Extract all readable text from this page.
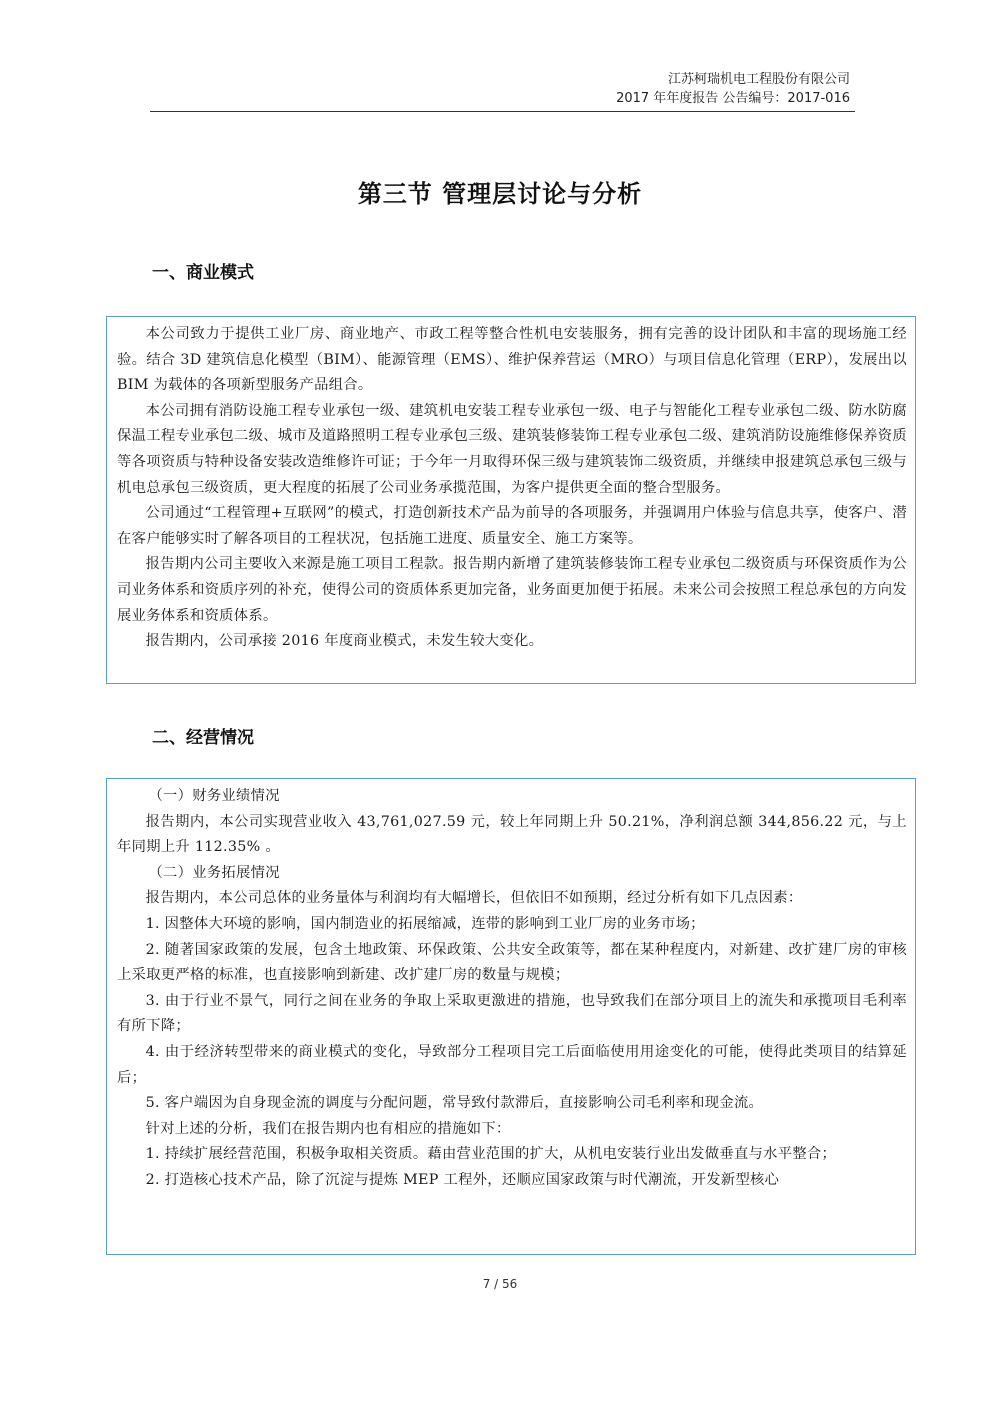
江苏柯瑞机电工程股份有限公司
2017 年年度报告 公告编号：2017-016
第三节 管理层讨论与分析
一、商业模式

本公司致力于提供工业厂房、商业地产、市政工程等整合性机电安装服务，拥有完善的设计团队和丰富的现场施工经验。结合 3D 建筑信息化模型（BIM）、能源管理（EMS）、维护保养营运（MRO）与项目信息化管理（ERP），发展出以 BIM 为载体的各项新型服务产品组合。

本公司拥有消防设施工程专业承包一级、建筑机电安装工程专业承包一级、电子与智能化工程专业承包二级、防水防腐保温工程专业承包二级、城市及道路照明工程专业承包三级、建筑装修装饰工程专业承包二级、建筑消防设施维修保养资质等各项资质与特种设备安装改造维修许可证；于今年一月取得环保三级与建筑装饰二级资质，并继续申报建筑总承包三级与机电总承包三级资质，更大程度的拓展了公司业务承揽范围，为客户提供更全面的整合型服务。

公司通过“工程管理+互联网”的模式，打造创新技术产品为前导的各项服务，并强调用户体验与信息共享，使客户、潜在客户能够实时了解各项目的工程状况，包括施工进度、质量安全、施工方案等。

报告期内公司主要收入来源是施工项目工程款。报告期内新增了建筑装修装饰工程专业承包二级资质与环保资质作为公司业务体系和资质序列的补充，使得公司的资质体系更加完备，业务面更加便于拓展。未来公司会按照工程总承包的方向发展业务体系和资质体系。

报告期内，公司承接 2016 年度商业模式，未发生较大变化。

二、经营情况

（一）财务业绩情况

报告期内，本公司实现营业收入 43,761,027.59 元，较上年同期上升 50.21%，净利润总额 344,856.22 元，与上年同期上升 112.35% 。

（二）业务拓展情况

报告期内，本公司总体的业务量体与利润均有大幅增长，但依旧不如预期，经过分析有如下几点因素：

1. 因整体大环境的影响，国内制造业的拓展缩减，连带的影响到工业厂房的业务市场；

2. 随著国家政策的发展，包含土地政策、环保政策、公共安全政策等，都在某种程度内，对新建、改扩建厂房的审核上采取更严格的标准，也直接影响到新建、改扩建厂房的数量与规模；

3. 由于行业不景气，同行之间在业务的争取上采取更激进的措施，也导致我们在部分项目上的流失和承揽项目毛利率有所下降；

4. 由于经济转型带来的商业模式的变化，导致部分工程项目完工后面临使用用途变化的可能，使得此类项目的结算延后；

5. 客户端因为自身现金流的调度与分配问题，常导致付款滞后，直接影响公司毛利率和现金流。

针对上述的分析，我们在报告期内也有相应的措施如下：

1. 持续扩展经营范围，积极争取相关资质。藉由营业范围的扩大，从机电安装行业出发做垂直与水平整合；

2. 打造核心技术产品，除了沉淀与提炼 MEP 工程外，还顺应国家政策与时代潮流，开发新型核心

7 / 56
